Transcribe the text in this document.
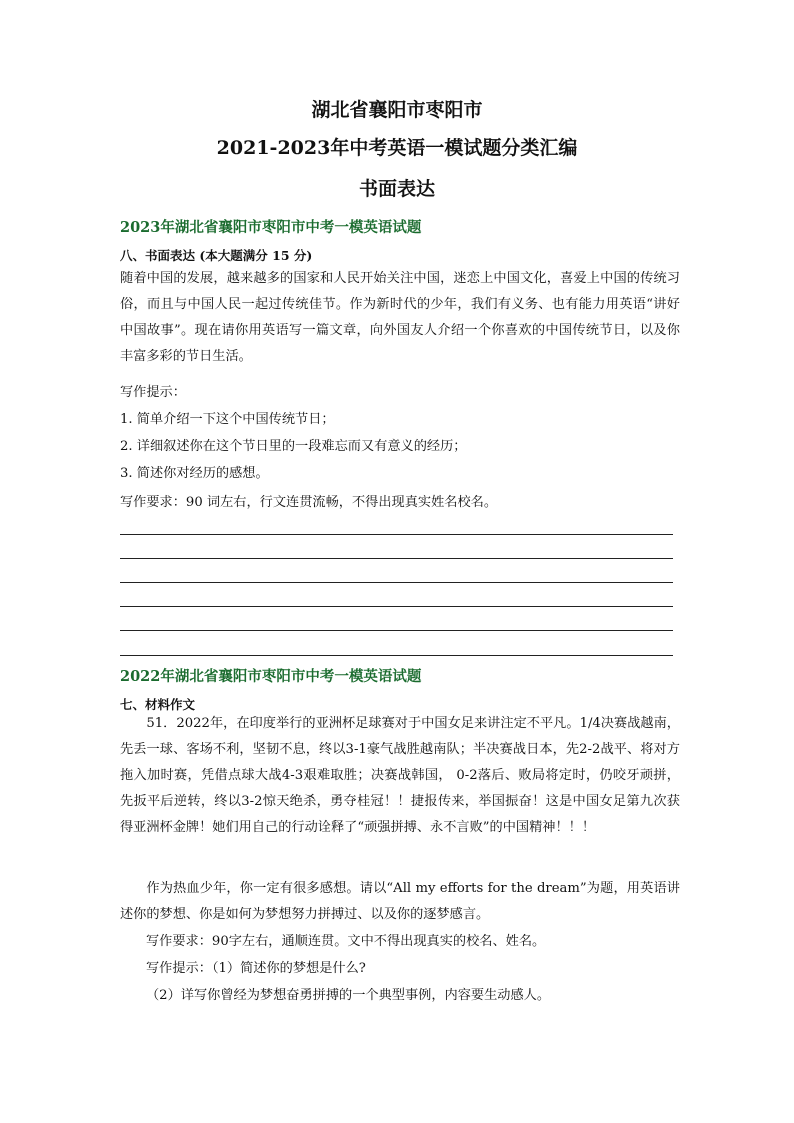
湖北省襄阳市枣阳市
2021-2023年中考英语一模试题分类汇编
书面表达
2023年湖北省襄阳市枣阳市中考一模英语试题
八、书面表达 (本大题满分 15 分)
随着中国的发展，越来越多的国家和人民开始关注中国，迷恋上中国文化，喜爱上中国的传统习俗，而且与中国人民一起过传统佳节。作为新时代的少年，我们有义务、也有能力用英语“讲好中国故事”。现在请你用英语写一篇文章，向外国友人介绍一个你喜欢的中国传统节日，以及你丰富多彩的节日生活。
写作提示：
1. 简单介绍一下这个中国传统节日；
2. 详细叙述你在这个节日里的一段难忘而又有意义的经历；
3. 简述你对经历的感想。
写作要求：90 词左右，行文连贯流畅，不得出现真实姓名校名。
2022年湖北省襄阳市枣阳市中考一模英语试题
七、材料作文
51．2022年，在印度举行的亚洲杯足球赛对于中国女足来讲注定不平凡。1/4决赛战越南，先丢一球、客场不利，坚韧不息，终以3-1豪气战胜越南队；半决赛战日本，先2-2战平、将对方拖入加时赛，凭借点球大战4-3艰难取胜；决赛战韩国， 0-2落后、败局将定时，仍咬牙顽拼，先扳平后逆转，终以3-2惊天绝杀，勇夺桂冠！！捷报传来，举国振奋！这是中国女足第九次获得亚洲杯金牌！她们用自己的行动诠释了“顽强拼搏、永不言败”的中国精神！！！
作为热血少年，你一定有很多感想。请以“All my efforts for the dream”为题，用英语讲述你的梦想、你是如何为梦想努力拼搏过、以及你的逐梦感言。
写作要求：90字左右，通顺连贯。文中不得出现真实的校名、姓名。
写作提示：（1）简述你的梦想是什么?
（2）详写你曾经为梦想奋勇拼搏的一个典型事例，内容要生动感人。
